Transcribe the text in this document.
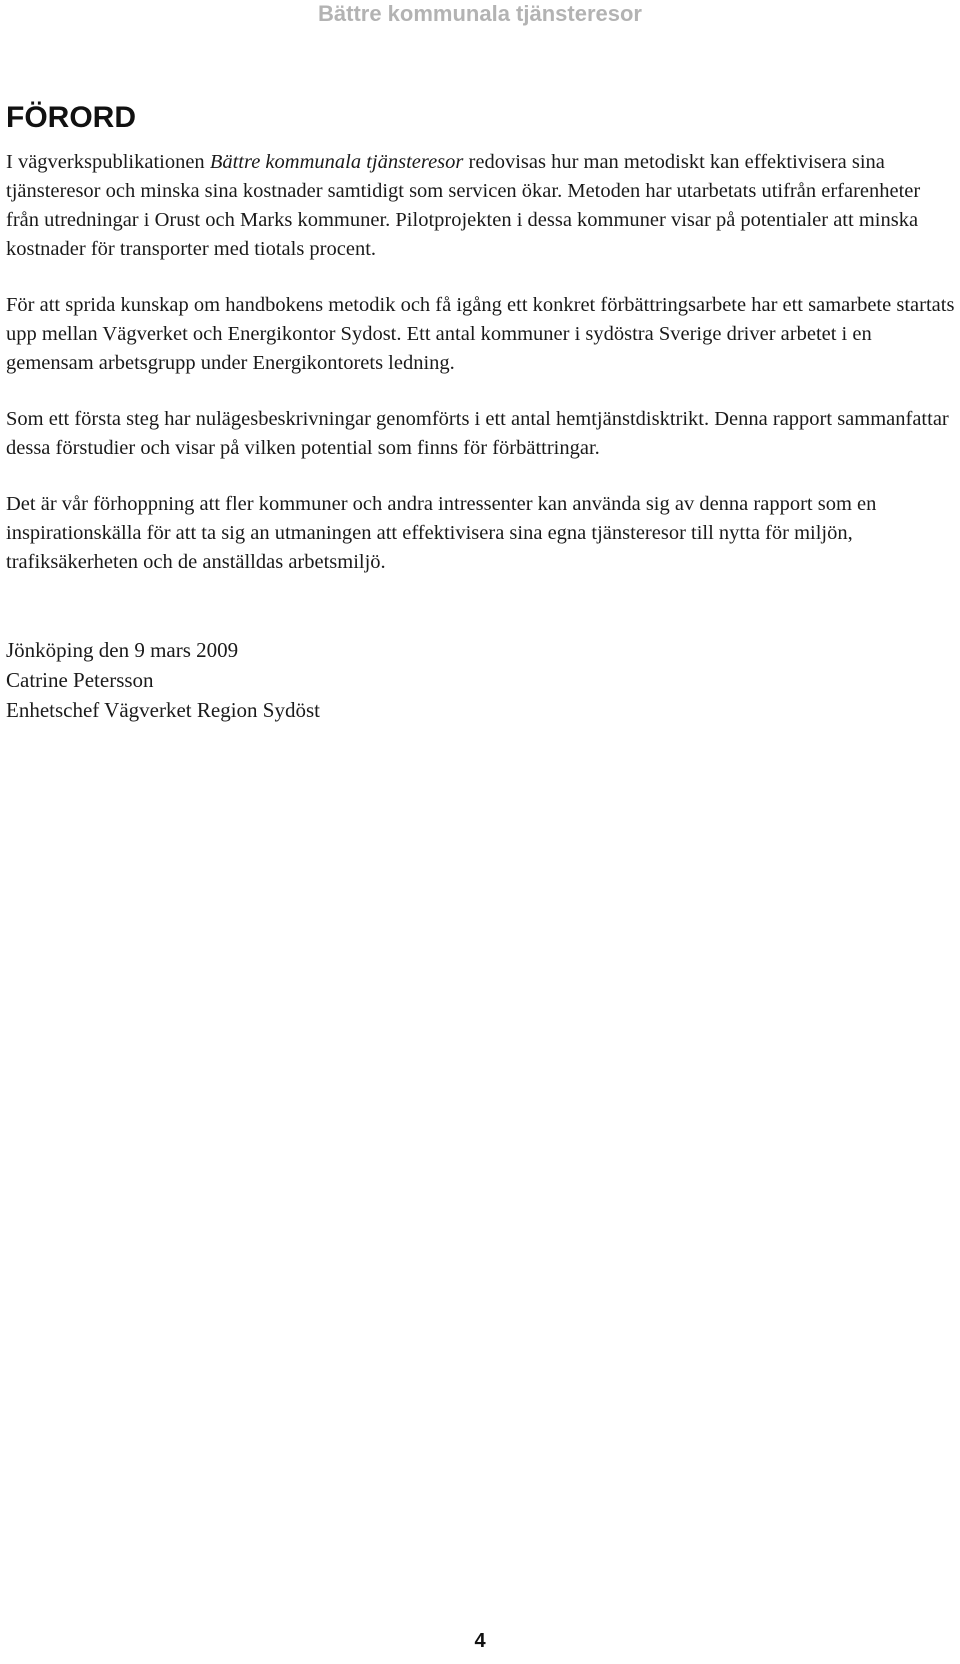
Bättre kommunala tjänsteresor
FÖRORD

I vägverkspublikationen Bättre kommunala tjänsteresor redovisas hur man metodiskt kan effektivisera sina tjänsteresor och minska sina kostnader samtidigt som servicen ökar. Metoden har utarbetats utifrån erfarenheter från utredningar i Orust och Marks kommuner. Pilotprojekten i dessa kommuner visar på potentialer att minska kostnader för transporter med tiotals procent.

För att sprida kunskap om handbokens metodik och få igång ett konkret förbättringsarbete har ett samarbete startats upp mellan Vägverket och Energikontor Sydost. Ett antal kommuner i sydöstra Sverige driver arbetet i en gemensam arbetsgrupp under Energikontorets ledning.

Som ett första steg har nulägesbeskrivningar genomförts i ett antal hemtjänstdisktrikt. Denna rapport sammanfattar dessa förstudier och visar på vilken potential som finns för förbättringar.

Det är vår förhoppning att fler kommuner och andra intressenter kan använda sig av denna rapport som en inspirationskälla för att ta sig an utmaningen att effektivisera sina egna tjänsteresor till nytta för miljön, trafiksäkerheten och de anställdas arbetsmiljö.

Jönköping den 9 mars 2009
Catrine Petersson
Enhetschef Vägverket Region Sydöst
4
